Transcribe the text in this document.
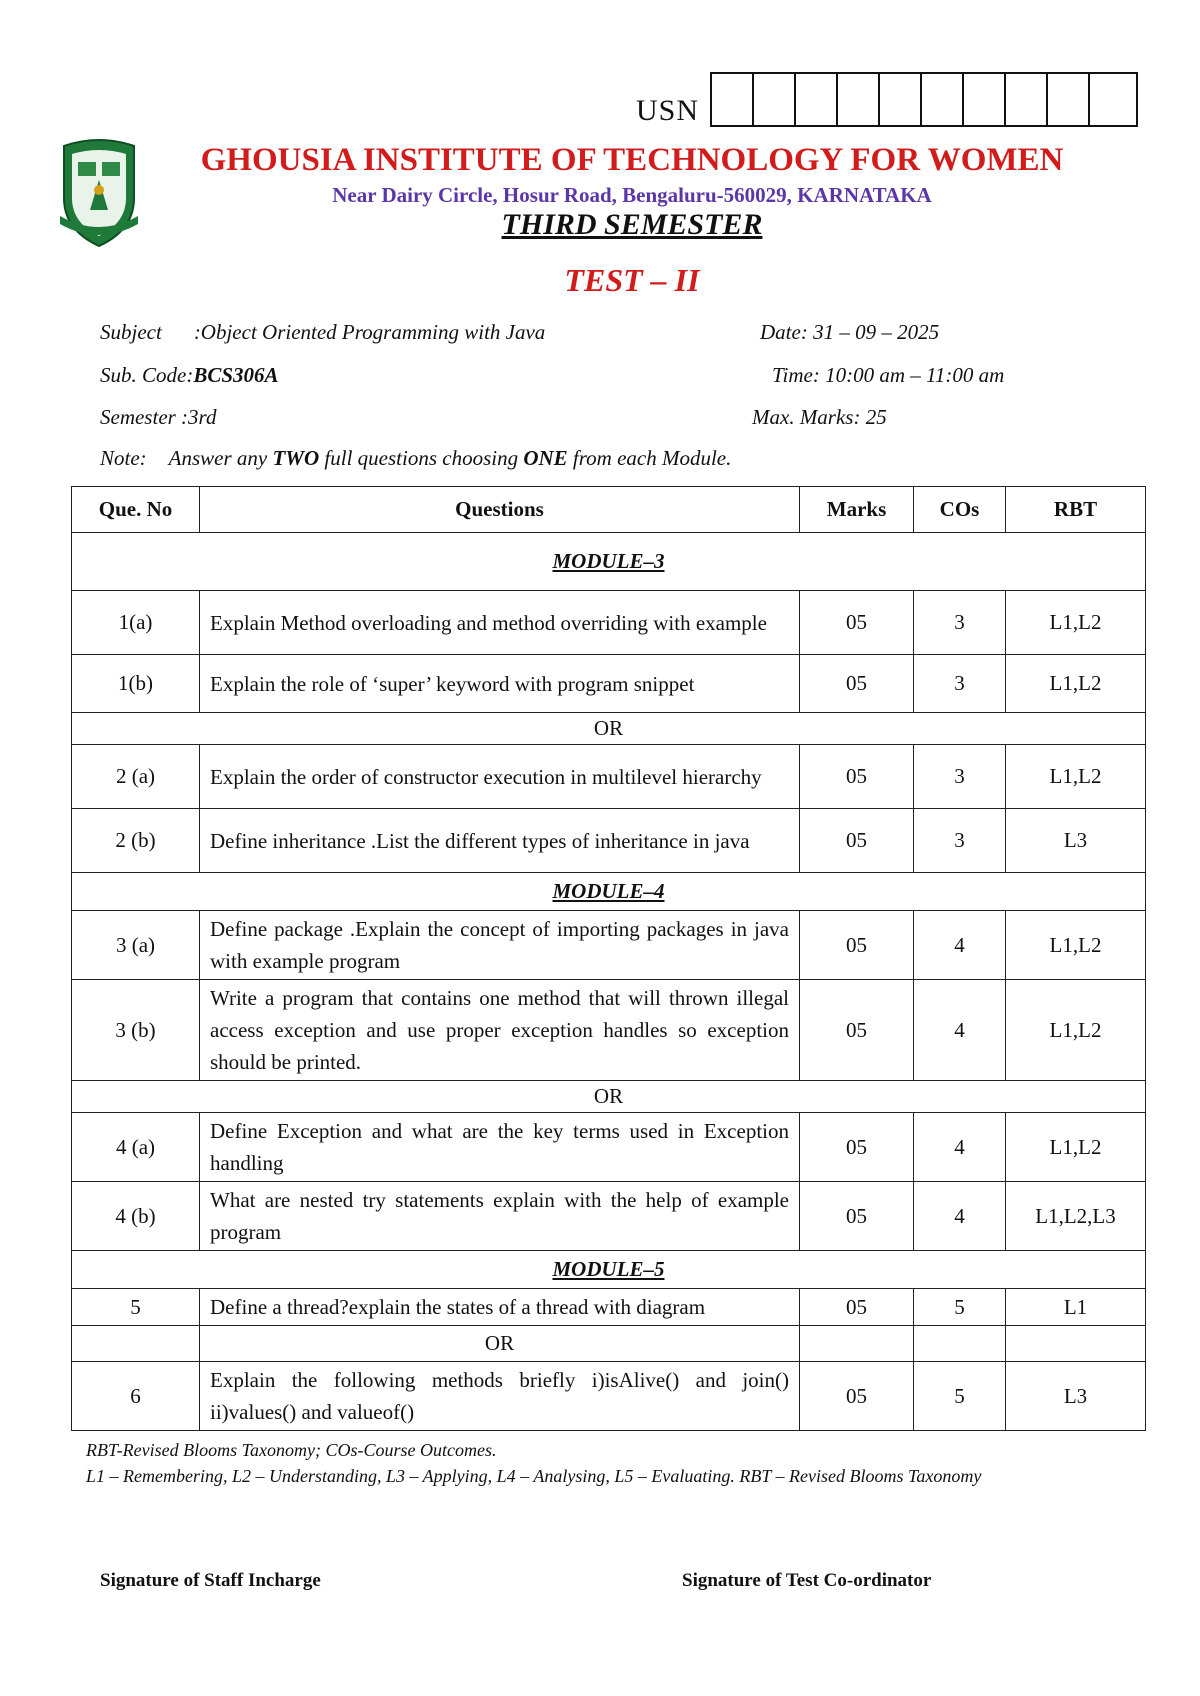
USN
GHOUSIA INSTITUTE OF TECHNOLOGY FOR WOMEN
Near Dairy Circle, Hosur Road, Bengaluru-560029, KARNATAKA
THIRD SEMESTER
TEST – II
Subject :Object Oriented Programming with Java	Date: 31 – 09 – 2025
Sub. Code:BCS306A	Time: 10:00 am – 11:00 am
Semester :3rd	Max. Marks: 25
Note: Answer any TWO full questions choosing ONE from each Module.
Que. No	Questions	Marks	COs	RBT
MODULE–3				
1(a)	Explain Method overloading and method overriding with example	05	3	L1,L2
1(b)	Explain the role of ‘super’ keyword with program snippet	05	3	L1,L2
OR				
2 (a)	Explain the order of constructor execution in multilevel hierarchy	05	3	L1,L2
2 (b)	Define inheritance .List the different types of inheritance in java	05	3	L3
MODULE–4				
3 (a)	Define package .Explain the concept of importing packages in java with example program	05	4	L1,L2
3 (b)	Write a program that contains one method that will thrown illegal access exception and use proper exception handles so exception should be printed.	05	4	L1,L2
OR				
4 (a)	Define Exception and what are the key terms used in Exception handling	05	4	L1,L2
4 (b)	What are nested try statements explain with the help of example program	05	4	L1,L2,L3
MODULE–5				
5	Define a thread?explain the states of a thread with diagram	05	5	L1
	OR			
6	Explain the following methods briefly i)isAlive() and join() ii)values() and valueof()	05	5	L3
RBT-Revised Blooms Taxonomy; COs-Course Outcomes.
L1 – Remembering, L2 – Understanding, L3 – Applying, L4 – Analysing, L5 – Evaluating. RBT – Revised Blooms Taxonomy
Signature of Staff Incharge	Signature of Test Co-ordinator
